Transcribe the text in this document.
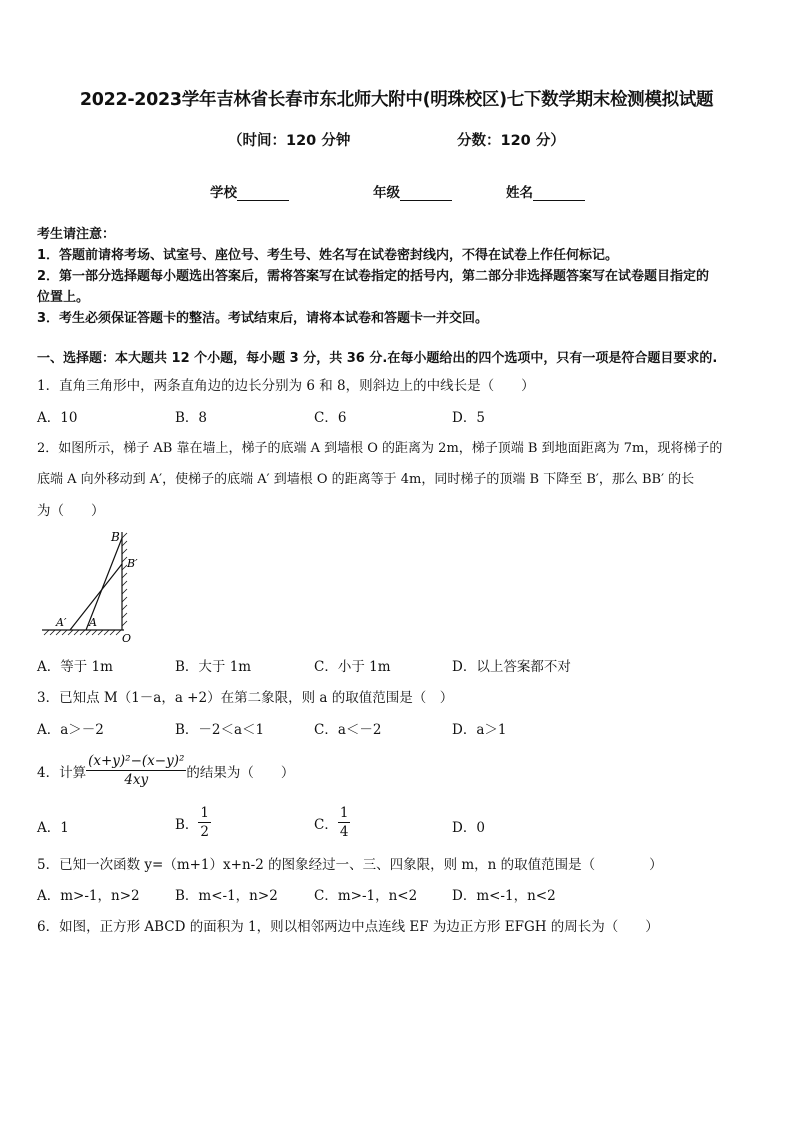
2022-2023学年吉林省长春市东北师大附中(明珠校区)七下数学期末检测模拟试题
（时间：120 分钟	分数：120 分）
学校	年级	姓名
考生请注意：
1．答题前请将考场、试室号、座位号、考生号、姓名写在试卷密封线内，不得在试卷上作任何标记。
2．第一部分选择题每小题选出答案后，需将答案写在试卷指定的括号内，第二部分非选择题答案写在试卷题目指定的
位置上。
3．考生必须保证答题卡的整洁。考试结束后，请将本试卷和答题卡一并交回。
一、选择题：本大题共 12 个小题，每小题 3 分，共 36 分.在每小题给出的四个选项中，只有一项是符合题目要求的.
1．直角三角形中，两条直角边的边长分别为 6 和 8，则斜边上的中线长是（　　）
A．10	B．8	C．6	D．5
2．如图所示，梯子 AB 靠在墙上，梯子的底端 A 到墙根 O 的距离为 2m，梯子顶端 B 到地面距离为 7m，现将梯子的
底端 A 向外移动到 A′，使梯子的底端 A′ 到墙根 O 的距离等于 4m，同时梯子的顶端 B 下降至 B′，那么 BB′ 的长
为（　　）
B
B′
A′ A
O
A．等于 1m	B．大于 1m	C．小于 1m	D．以上答案都不对
3．已知点 M（1－a，a +2）在第二象限，则 a 的取值范围是（　）
A．a＞－2	B．－2＜a＜1	C．a＜－2	D．a＞1
4．计算 $\frac{\text{(x+y)²−(x−y)²}}{4xy}$ 的结果为（　　）
A．1	B． $\frac{1}{2}$	C． $\frac{1}{4}$	D．0
5．已知一次函数 y=（m+1）x+n-2 的图象经过一、三、四象限，则 m，n 的取值范围是（　　　　）
A．m>-1，n>2	B．m<-1，n>2	C．m>-1，n<2	D．m<-1，n<2
6．如图，正方形 ABCD 的面积为 1，则以相邻两边中点连线 EF 为边正方形 EFGH 的周长为（　　）
